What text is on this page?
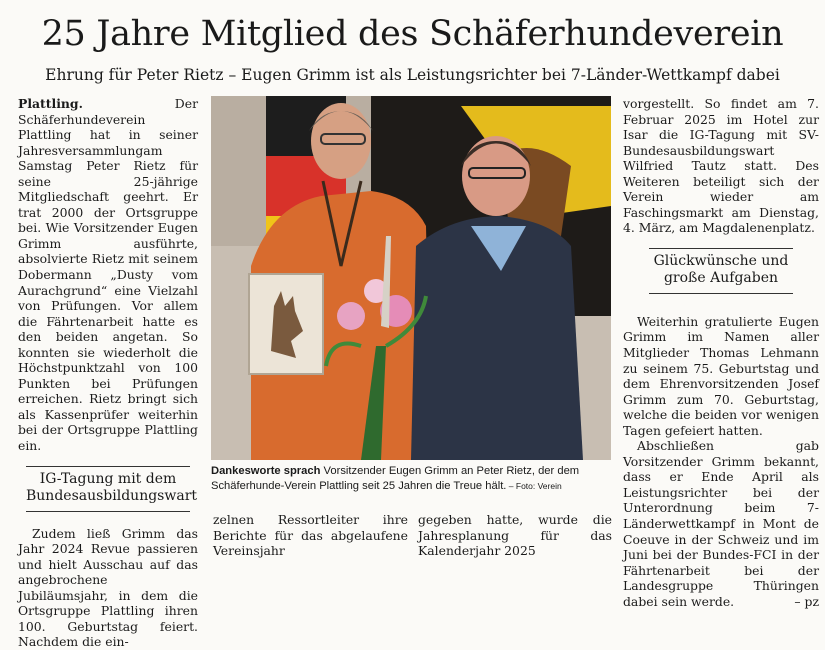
25 Jahre Mitglied des Schäferhundeverein
Ehrung für Peter Rietz – Eugen Grimm ist als Leistungsrichter bei 7-Länder-Wettkampf dabei

Plattling.	Der Schäferhundeverein Plattling hat in seiner Jahresversammlungam Samstag Peter Rietz für seine 25-jährige Mitgliedschaft geehrt. Er trat 2000 der Ortsgruppe bei. Wie Vorsitzender Eugen Grimm ausführte, absolvierte Rietz mit seinem Dobermann „Dusty vom Aurachgrund“ eine Vielzahl von Prüfungen. Vor allem die Fährtenarbeit hatte es den beiden angetan. So konnten sie wiederholt die Höchstpunktzahl von 100 Punkten bei Prüfungen erreichen. Rietz bringt sich als Kassenprüfer weiterhin bei der Ortsgruppe Plattling ein.

IG-Tagung mit dem
Bundesausbildungswart

Zudem ließ Grimm das Jahr 2024 Revue passieren und hielt Ausschau auf das angebrochene Jubiläumsjahr, in dem die Ortsgruppe Plattling ihren 100. Geburtstag feiert. Nachdem die ein-

Dankesworte sprach Vorsitzender Eugen Grimm an Peter Rietz, der dem Schäferhunde-Verein Plattling seit 25 Jahren die Treue hält. – Foto: Verein

zelnen Ressortleiter ihre Berichte für das abgelaufene Vereinsjahr

gegeben hatte, wurde die Jahresplanung für das Kalenderjahr 2025

vorgestellt. So findet am 7. Februar 2025 im Hotel zur Isar die IG-Tagung mit SV-Bundesausbildungswart Wilfried Tautz statt. Des Weiteren beteiligt sich der Verein wieder am Faschingsmarkt am Dienstag, 4. März, am Magdalenenplatz.

Glückwünsche und
große Aufgaben

Weiterhin gratulierte Eugen Grimm im Namen aller Mitglieder Thomas Lehmann zu seinem 75. Geburtstag und dem Ehrenvorsitzenden Josef Grimm zum 70. Geburtstag, welche die beiden vor wenigen Tagen gefeiert hatten.

Abschließen gab Vorsitzender Grimm bekannt, dass er Ende April als Leistungsrichter bei der Unterordnung beim 7-Länderwettkampf in Mont de Coeuve in der Schweiz und im Juni bei der Bundes-FCI in der Fährtenarbeit bei der Landesgruppe Thüringen dabei sein werde.	– pz
